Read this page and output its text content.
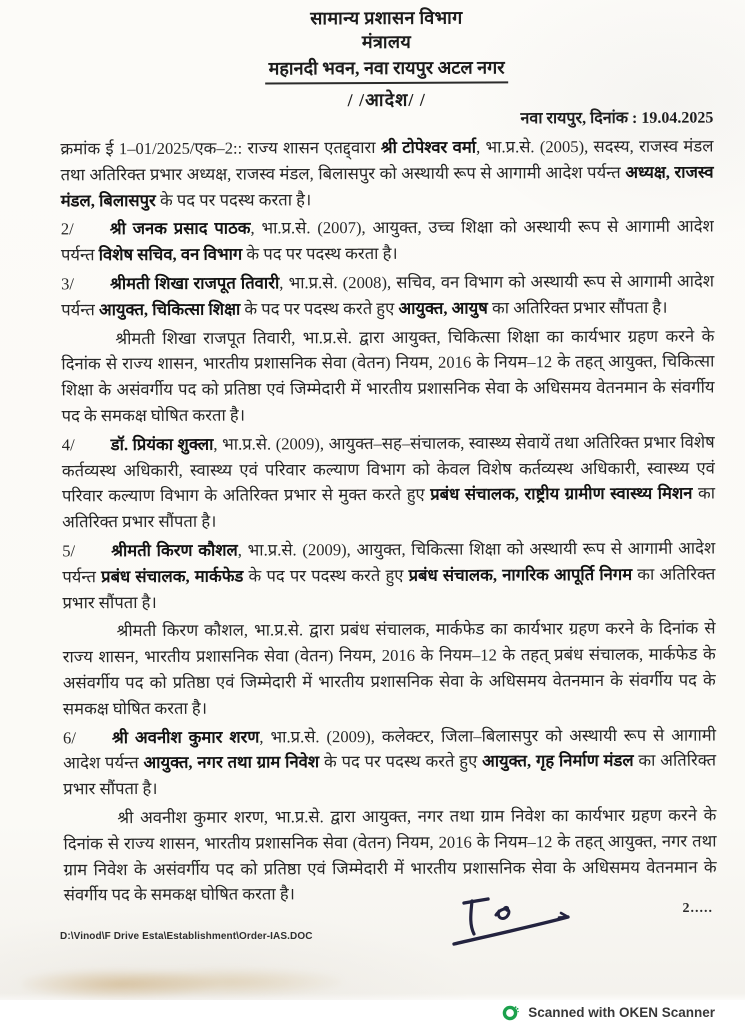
सामान्य प्रशासन विभाग
मंत्रालय
महानदी भवन, नवा रायपुर अटल नगर
/ /आदेश/ /
नवा रायपुर, दिनांक : 19.04.2025

क्रमांक ई 1–01/2025/एक–2:: राज्य शासन एतद्द्वारा श्री टोपेश्वर वर्मा, भा.प्र.से. (2005), सदस्य, राजस्व मंडल तथा अतिरिक्त प्रभार अध्यक्ष, राजस्व मंडल, बिलासपुर को अस्थायी रूप से आगामी आदेश पर्यन्त अध्यक्ष, राजस्व मंडल, बिलासपुर के पद पर पदस्थ करता है।

2/ श्री जनक प्रसाद पाठक, भा.प्र.से. (2007), आयुक्त, उच्च शिक्षा को अस्थायी रूप से आगामी आदेश पर्यन्त विशेष सचिव, वन विभाग के पद पर पदस्थ करता है।

3/ श्रीमती शिखा राजपूत तिवारी, भा.प्र.से. (2008), सचिव, वन विभाग को अस्थायी रूप से आगामी आदेश पर्यन्त आयुक्त, चिकित्सा शिक्षा के पद पर पदस्थ करते हुए आयुक्त, आयुष का अतिरिक्त प्रभार सौंपता है।

श्रीमती शिखा राजपूत तिवारी, भा.प्र.से. द्वारा आयुक्त, चिकित्सा शिक्षा का कार्यभार ग्रहण करने के दिनांक से राज्य शासन, भारतीय प्रशासनिक सेवा (वेतन) नियम, 2016 के नियम–12 के तहत् आयुक्त, चिकित्सा शिक्षा के असंवर्गीय पद को प्रतिष्ठा एवं जिम्मेदारी में भारतीय प्रशासनिक सेवा के अधिसमय वेतनमान के संवर्गीय पद के समकक्ष घोषित करता है।

4/ डॉ. प्रियंका शुक्ला, भा.प्र.से. (2009), आयुक्त–सह–संचालक, स्वास्थ्य सेवायें तथा अतिरिक्त प्रभार विशेष कर्तव्यस्थ अधिकारी, स्वास्थ्य एवं परिवार कल्याण विभाग को केवल विशेष कर्तव्यस्थ अधिकारी, स्वास्थ्य एवं परिवार कल्याण विभाग के अतिरिक्त प्रभार से मुक्त करते हुए प्रबंध संचालक, राष्ट्रीय ग्रामीण स्वास्थ्य मिशन का अतिरिक्त प्रभार सौंपता है।

5/ श्रीमती किरण कौशल, भा.प्र.से. (2009), आयुक्त, चिकित्सा शिक्षा को अस्थायी रूप से आगामी आदेश पर्यन्त प्रबंध संचालक, मार्कफेड के पद पर पदस्थ करते हुए प्रबंध संचालक, नागरिक आपूर्ति निगम का अतिरिक्त प्रभार सौंपता है।

श्रीमती किरण कौशल, भा.प्र.से. द्वारा प्रबंध संचालक, मार्कफेड का कार्यभार ग्रहण करने के दिनांक से राज्य शासन, भारतीय प्रशासनिक सेवा (वेतन) नियम, 2016 के नियम–12 के तहत् प्रबंध संचालक, मार्कफेड के असंवर्गीय पद को प्रतिष्ठा एवं जिम्मेदारी में भारतीय प्रशासनिक सेवा के अधिसमय वेतनमान के संवर्गीय पद के समकक्ष घोषित करता है।

6/ श्री अवनीश कुमार शरण, भा.प्र.से. (2009), कलेक्टर, जिला–बिलासपुर को अस्थायी रूप से आगामी आदेश पर्यन्त आयुक्त, नगर तथा ग्राम निवेश के पद पर पदस्थ करते हुए आयुक्त, गृह निर्माण मंडल का अतिरिक्त प्रभार सौंपता है।

श्री अवनीश कुमार शरण, भा.प्र.से. द्वारा आयुक्त, नगर तथा ग्राम निवेश का कार्यभार ग्रहण करने के दिनांक से राज्य शासन, भारतीय प्रशासनिक सेवा (वेतन) नियम, 2016 के नियम–12 के तहत् आयुक्त, नगर तथा ग्राम निवेश के असंवर्गीय पद को प्रतिष्ठा एवं जिम्मेदारी में भारतीय प्रशासनिक सेवा के अधिसमय वेतनमान के संवर्गीय पद के समकक्ष घोषित करता है।

2.....
D:\Vinod\F Drive Esta\Establishment\Order-IAS.DOC
Scanned with OKEN Scanner
